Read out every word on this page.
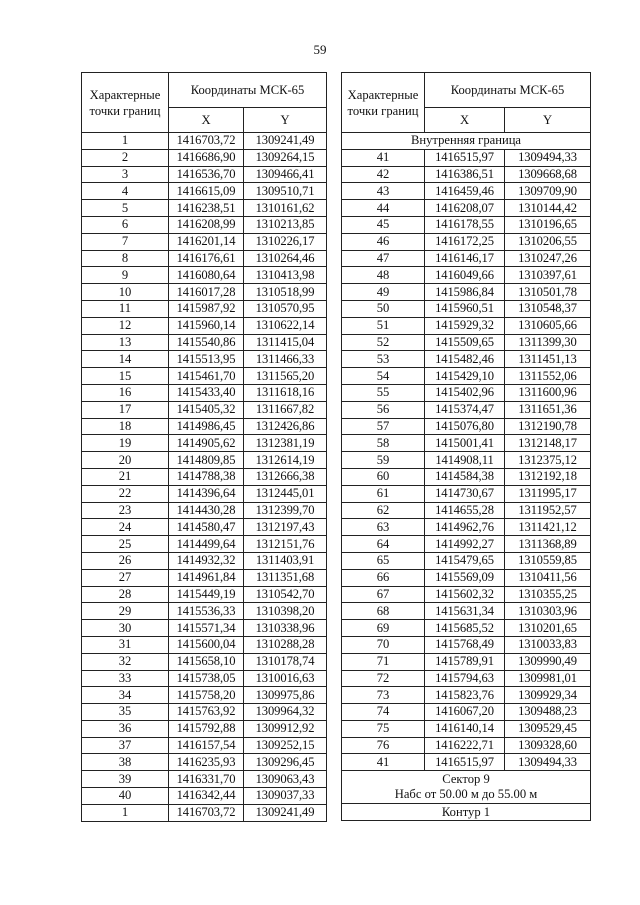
59
Характерные точки границ	Координаты МСК-65	
	X	Y
1	1416703,72	1309241,49
2	1416686,90	1309264,15
3	1416536,70	1309466,41
4	1416615,09	1309510,71
5	1416238,51	1310161,62
6	1416208,99	1310213,85
7	1416201,14	1310226,17
8	1416176,61	1310264,46
9	1416080,64	1310413,98
10	1416017,28	1310518,99
11	1415987,92	1310570,95
12	1415960,14	1310622,14
13	1415540,86	1311415,04
14	1415513,95	1311466,33
15	1415461,70	1311565,20
16	1415433,40	1311618,16
17	1415405,32	1311667,82
18	1414986,45	1312426,86
19	1414905,62	1312381,19
20	1414809,85	1312614,19
21	1414788,38	1312666,38
22	1414396,64	1312445,01
23	1414430,28	1312399,70
24	1414580,47	1312197,43
25	1414499,64	1312151,76
26	1414932,32	1311403,91
27	1414961,84	1311351,68
28	1415449,19	1310542,70
29	1415536,33	1310398,20
30	1415571,34	1310338,96
31	1415600,04	1310288,28
32	1415658,10	1310178,74
33	1415738,05	1310016,63
34	1415758,20	1309975,86
35	1415763,92	1309964,32
36	1415792,88	1309912,92
37	1416157,54	1309252,15
38	1416235,93	1309296,45
39	1416331,70	1309063,43
40	1416342,44	1309037,33
1	1416703,72	1309241,49
Характерные точки границ	Координаты МСК-65	
	X	Y
Внутренняя граница		
41	1416515,97	1309494,33
42	1416386,51	1309668,68
43	1416459,46	1309709,90
44	1416208,07	1310144,42
45	1416178,55	1310196,65
46	1416172,25	1310206,55
47	1416146,17	1310247,26
48	1416049,66	1310397,61
49	1415986,84	1310501,78
50	1415960,51	1310548,37
51	1415929,32	1310605,66
52	1415509,65	1311399,30
53	1415482,46	1311451,13
54	1415429,10	1311552,06
55	1415402,96	1311600,96
56	1415374,47	1311651,36
57	1415076,80	1312190,78
58	1415001,41	1312148,17
59	1414908,11	1312375,12
60	1414584,38	1312192,18
61	1414730,67	1311995,17
62	1414655,28	1311952,57
63	1414962,76	1311421,12
64	1414992,27	1311368,89
65	1415479,65	1310559,85
66	1415569,09	1310411,56
67	1415602,32	1310355,25
68	1415631,34	1310303,96
69	1415685,52	1310201,65
70	1415768,49	1310033,83
71	1415789,91	1309990,49
72	1415794,63	1309981,01
73	1415823,76	1309929,34
74	1416067,20	1309488,23
75	1416140,14	1309529,45
76	1416222,71	1309328,60
41	1416515,97	1309494,33

Сектор 9
Набс от 50.00 м до 55.00 м		

Контур 1		
